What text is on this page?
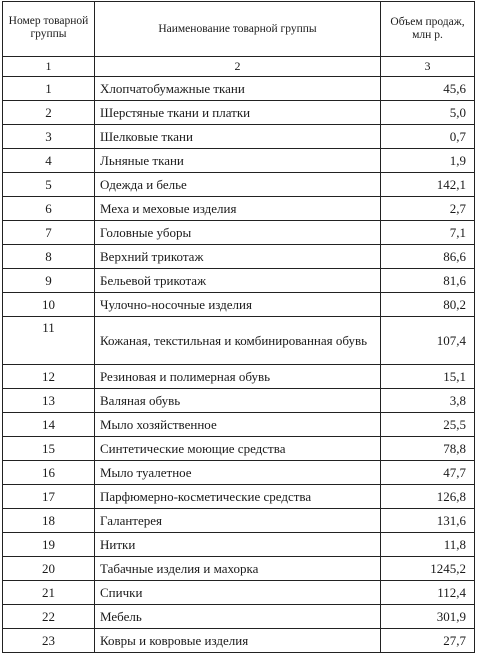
Номер товарной группы	Наименование товарной группы	Объем продаж, млн р.
1	2	3
1	Хлопчатобумажные ткани	45,6
2	Шерстяные ткани и платки	5,0
3	Шелковые ткани	0,7
4	Льняные ткани	1,9
5	Одежда и белье	142,1
6	Меха и меховые изделия	2,7
7	Головные уборы	7,1
8	Верхний трикотаж	86,6
9	Бельевой трикотаж	81,6
10	Чулочно-носочные изделия	80,2
11	Кожаная, текстильная и комбинированная обувь	107,4
12	Резиновая и полимерная обувь	15,1
13	Валяная обувь	3,8
14	Мыло хозяйственное	25,5
15	Синтетические моющие средства	78,8
16	Мыло туалетное	47,7
17	Парфюмерно-косметические средства	126,8
18	Галантерея	131,6
19	Нитки	11,8
20	Табачные изделия и махорка	1245,2
21	Спички	112,4
22	Мебель	301,9
23	Ковры и ковровые изделия	27,7
